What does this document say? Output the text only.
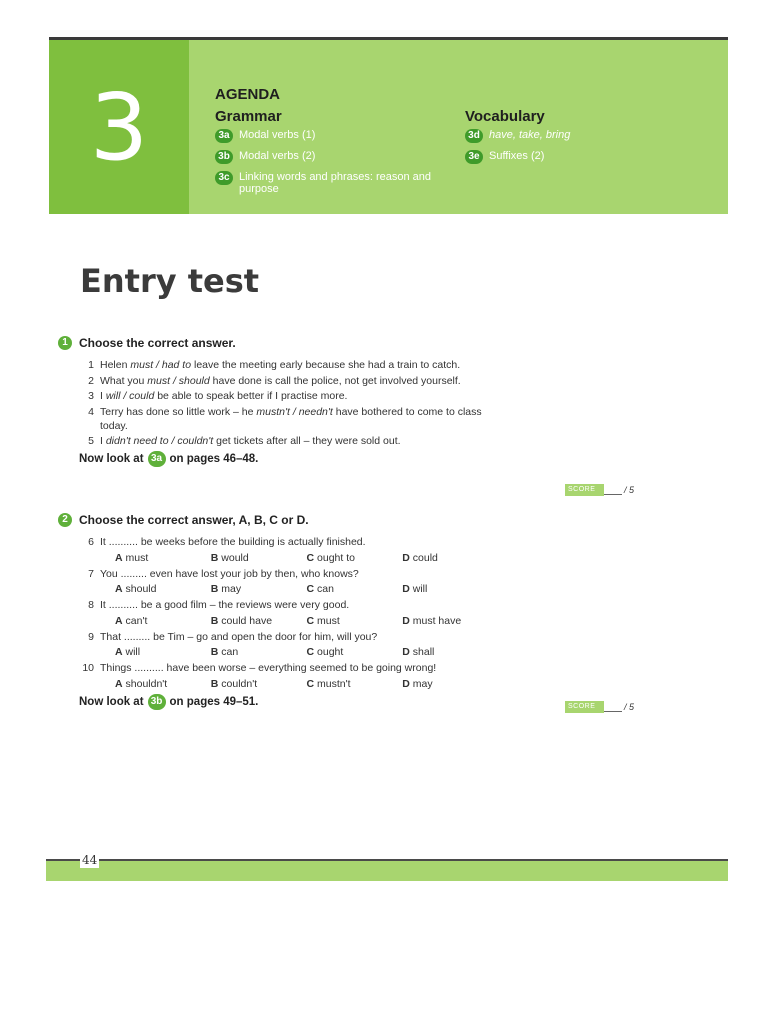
3	AGENDA
Grammar	Vocabulary
3a Modal verbs (1)
3b Modal verbs (2)
3c Linking words and phrases: reason and purpose
3d have, take, bring
3e Suffixes (2)
Entry test
1 Choose the correct answer.
1 Helen must / had to leave the meeting early because she had a train to catch.
2 What you must / should have done is call the police, not get involved yourself.
3 I will / could be able to speak better if I practise more.
4 Terry has done so little work – he mustn't / needn't have bothered to come to class today.
5 I didn't need to / couldn't get tickets after all – they were sold out.
Now look at 3a on pages 46–48.
SCORE	/ 5
2 Choose the correct answer, A, B, C or D.
6 It .......... be weeks before the building is actually finished.
A must	B would	C ought to	D could
7 You ......... even have lost your job by then, who knows?
A should	B may	C can	D will
8 It .......... be a good film – the reviews were very good.
A can't	B could have	C must	D must have
9 That ......... be Tim – go and open the door for him, will you?
A will	B can	C ought	D shall
10 Things .......... have been worse – everything seemed to be going wrong!
A shouldn't	B couldn't	C mustn't	D may
Now look at 3b on pages 49–51.	SCORE	/ 5
44
